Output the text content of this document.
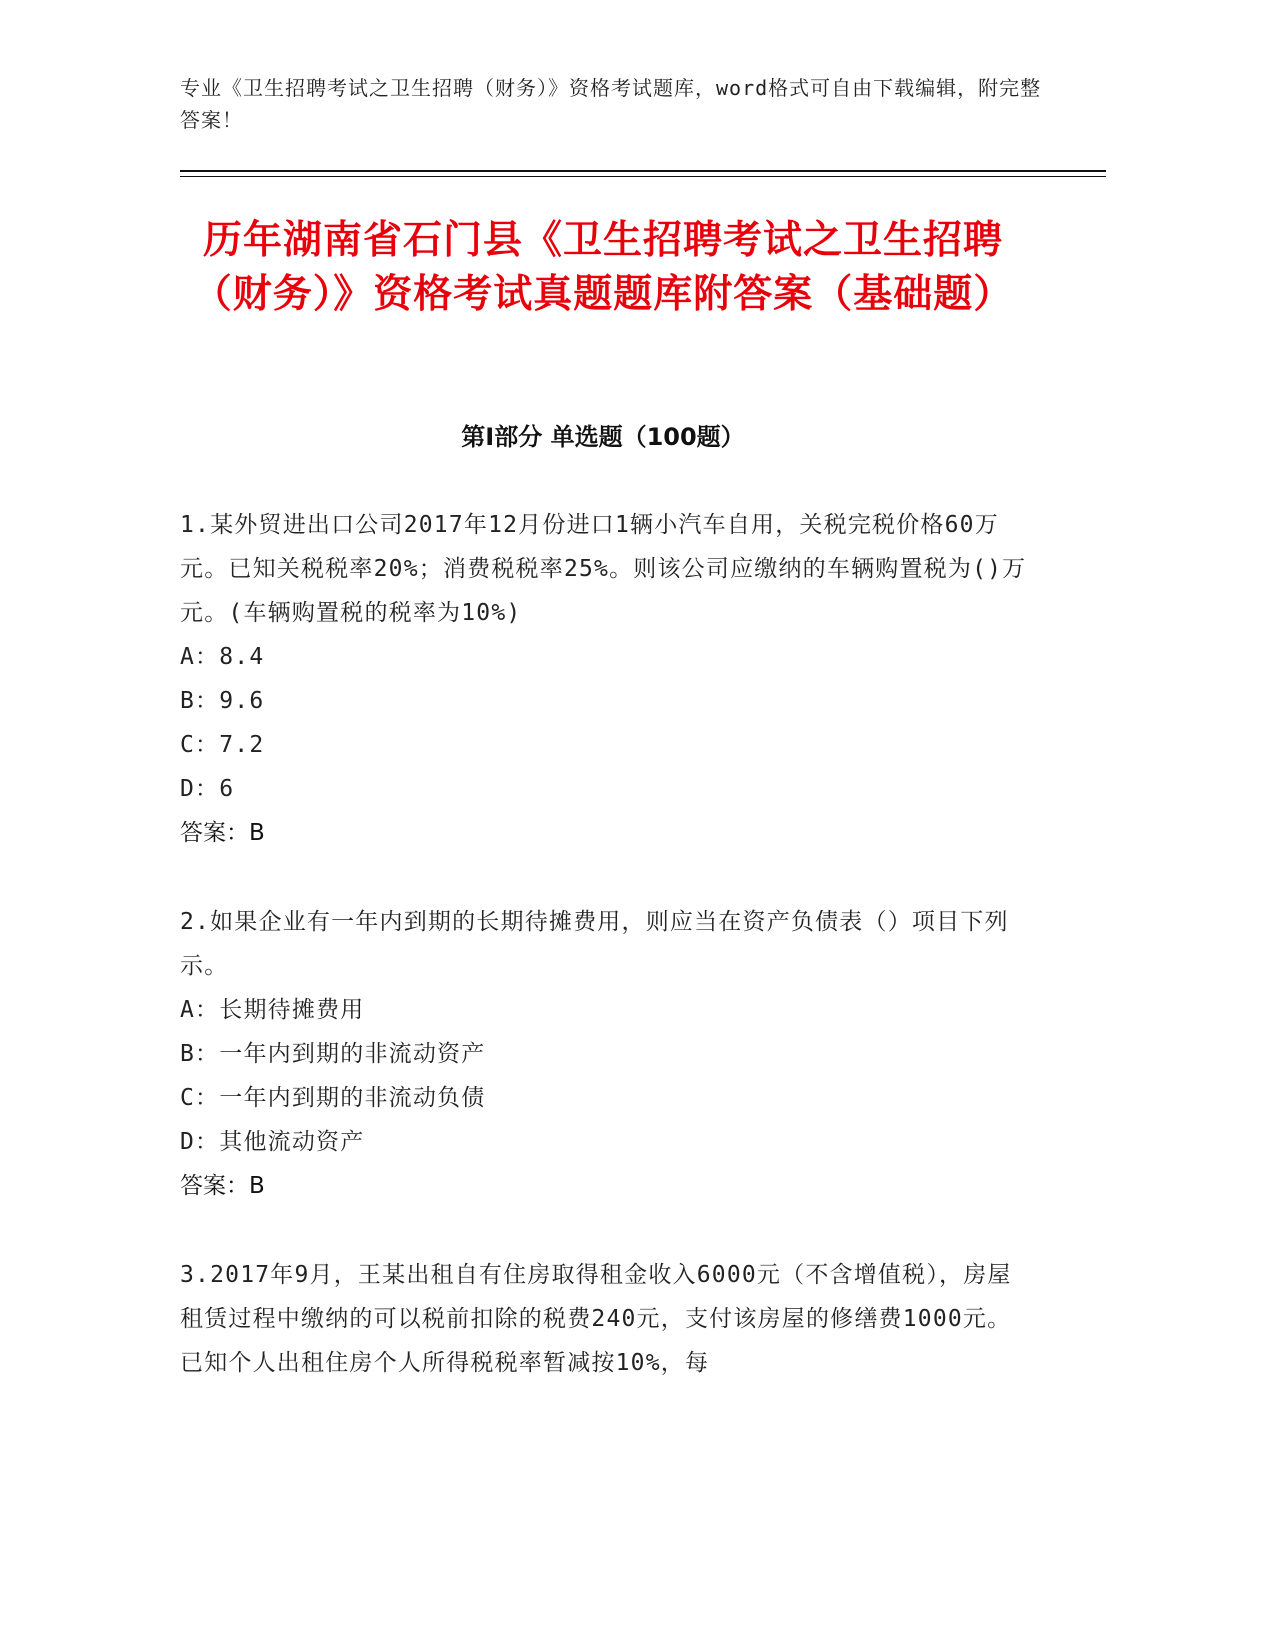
专业《卫生招聘考试之卫生招聘（财务）》资格考试题库，word格式可自由下载编辑，附完整答案！
历年湖南省石门县《卫生招聘考试之卫生招聘（财务）》资格考试真题题库附答案（基础题）
第Ⅰ部分 单选题（100题）
1.某外贸进出口公司2017年12月份进口1辆小汽车自用，关税完税价格60万元。已知关税税率20%；消费税税率25%。则该公司应缴纳的车辆购置税为()万元。(车辆购置税的税率为10%)
A：8.4
B：9.6
C：7.2
D：6
答案：B
2.如果企业有一年内到期的长期待摊费用，则应当在资产负债表（）项目下列示。
A：长期待摊费用
B：一年内到期的非流动资产
C：一年内到期的非流动负债
D：其他流动资产
答案：B
3.2017年9月，王某出租自有住房取得租金收入6000元（不含增值税），房屋租赁过程中缴纳的可以税前扣除的税费240元，支付该房屋的修缮费1000元。已知个人出租住房个人所得税税率暂减按10%，每
